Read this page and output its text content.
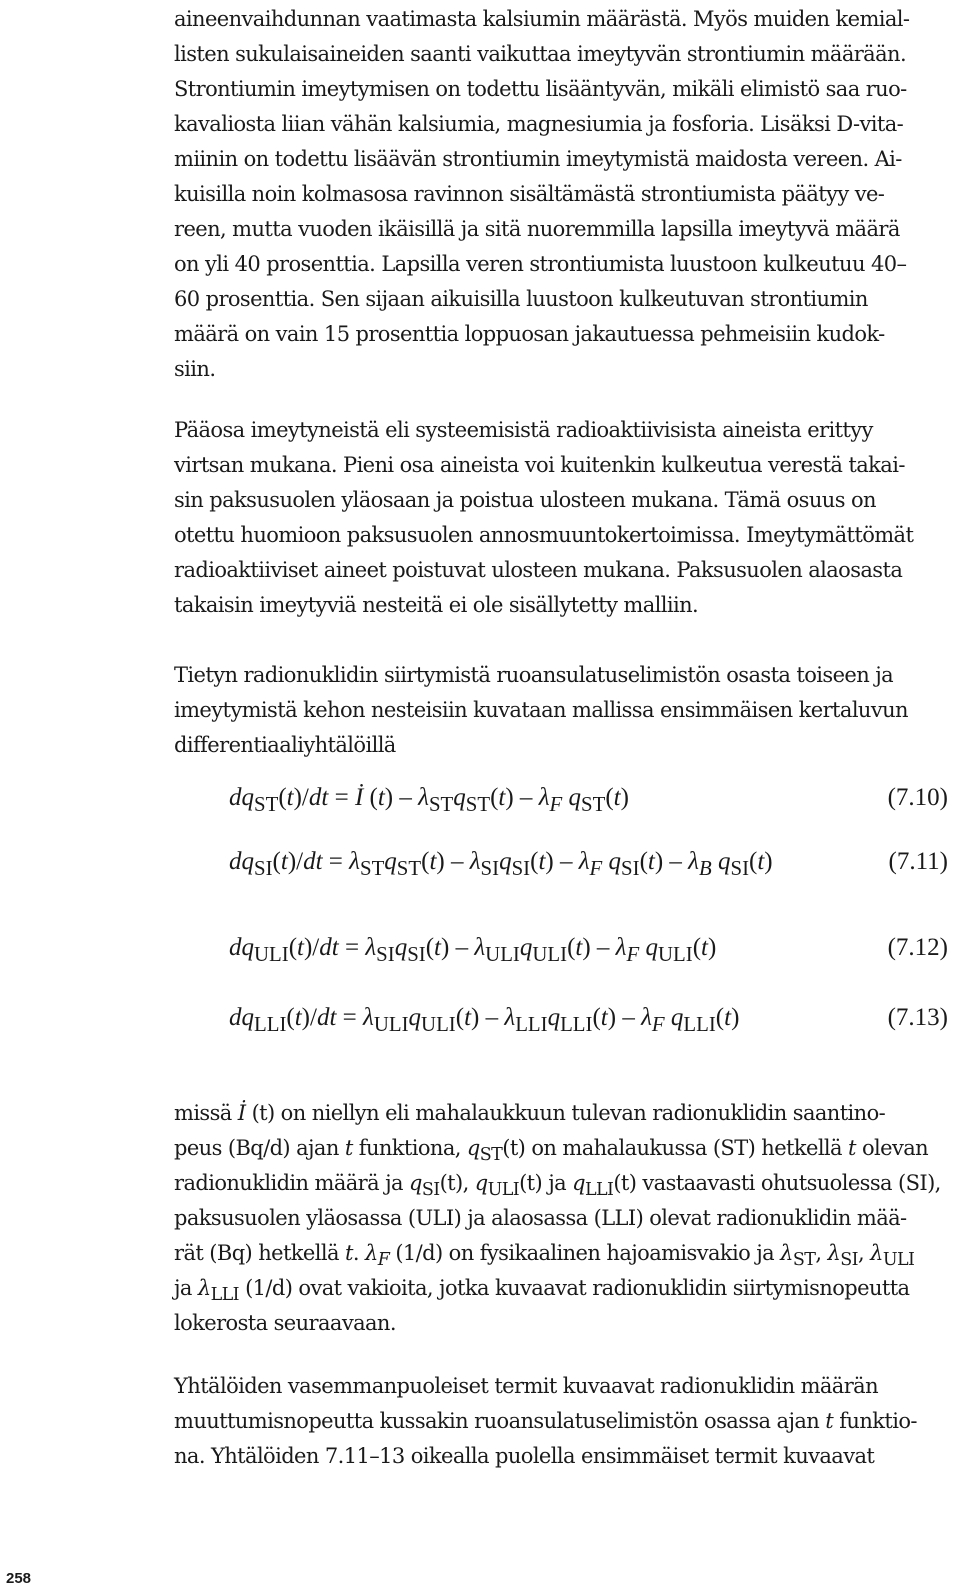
aineenvaihdunnan vaatimasta kalsiumin määrästä. Myös muiden kemial-
listen sukulaisaineiden saanti vaikuttaa imeytyvän strontiumin määrään.
Strontiumin imeytymisen on todettu lisääntyvän, mikäli elimistö saa ruo-
kavaliosta liian vähän kalsiumia, magnesiumia ja fosforia. Lisäksi D-vita-
miinin on todettu lisäävän strontiumin imeytymistä maidosta vereen. Ai-
kuisilla noin kolmasosa ravinnon sisältämästä strontiumista päätyy ve-
reen, mutta vuoden ikäisillä ja sitä nuoremmilla lapsilla imeytyvä määrä
on yli 40 prosenttia. Lapsilla veren strontiumista luustoon kulkeutuu 40–
60 prosenttia. Sen sijaan aikuisilla luustoon kulkeutuvan strontiumin
määrä on vain 15 prosenttia loppuosan jakautuessa pehmeisiin kudok-
siin.
Pääosa imeytyneistä eli systeemisistä radioaktiivisista aineista erittyy
virtsan mukana. Pieni osa aineista voi kuitenkin kulkeutua verestä takai-
sin paksusuolen yläosaan ja poistua ulosteen mukana. Tämä osuus on
otettu huomioon paksusuolen annosmuuntokertoimissa. Imeytymättömät
radioaktiiviset aineet poistuvat ulosteen mukana. Paksusuolen alaosasta
takaisin imeytyviä nesteitä ei ole sisällytetty malliin.
Tietyn radionuklidin siirtymistä ruoansulatuselimistön osasta toiseen ja
imeytymistä kehon nesteisiin kuvataan mallissa ensimmäisen kertaluvun
differentiaaliyhtälöillä
$dq_{ST}(t)/dt$ = İ $(t) - \lambda_{ST}q_{ST}(t) - \lambda_F$ $q_{ST}(t)$	(7.10)
$dq_{SI}(t)/dt = \lambda_{ST}q_{ST}(t) - \lambda_{SI}q_{SI}(t) - \lambda_F$ $q_{SI}(t) - \lambda_B$ $q_{SI}(t)$	(7.11)
$dq_{ULI}(t)/dt = \lambda_{SI}q_{SI}(t) - \lambda_{ULI}q_{ULI}(t) - \lambda_F$ $q_{ULI}(t)$	(7.12)
$dq_{LLI}(t)/dt = \lambda_{ULI}q_{ULI}(t) - \lambda_{LLI}q_{LLI}(t) - \lambda_F$ $q_{LLI}(t)$	(7.13)
missä İ (t) on niellyn eli mahalaukkuun tulevan radionuklidin saantino-
peus (Bq/d) ajan t funktiona, $q_{ST}(t)$ on mahalaukussa (ST) hetkellä t olevan
radionuklidin määrä ja $q_{SI}(t)$, $q_{ULI}(t)$ ja $q_{LLI}(t)$ vastaavasti ohutsuolessa (SI),
paksusuolen yläosassa (ULI) ja alaosassa (LLI) olevat radionuklidin mää-
rät (Bq) hetkellä t. $\lambda_F$ (1/d) on fysikaalinen hajoamisvakio ja $\lambda_{ST}$, $\lambda_{SI}$, $\lambda_{ULI}$
ja $\lambda_{LLI}$ (1/d) ovat vakioita, jotka kuvaavat radionuklidin siirtymisnopeutta
lokerosta seuraavaan.
Yhtälöiden vasemmanpuoleiset termit kuvaavat radionuklidin määrän
muuttumisnopeutta kussakin ruoansulatuselimistön osassa ajan t funktio-
na. Yhtälöiden 7.11–13 oikealla puolella ensimmäiset termit kuvaavat
258
